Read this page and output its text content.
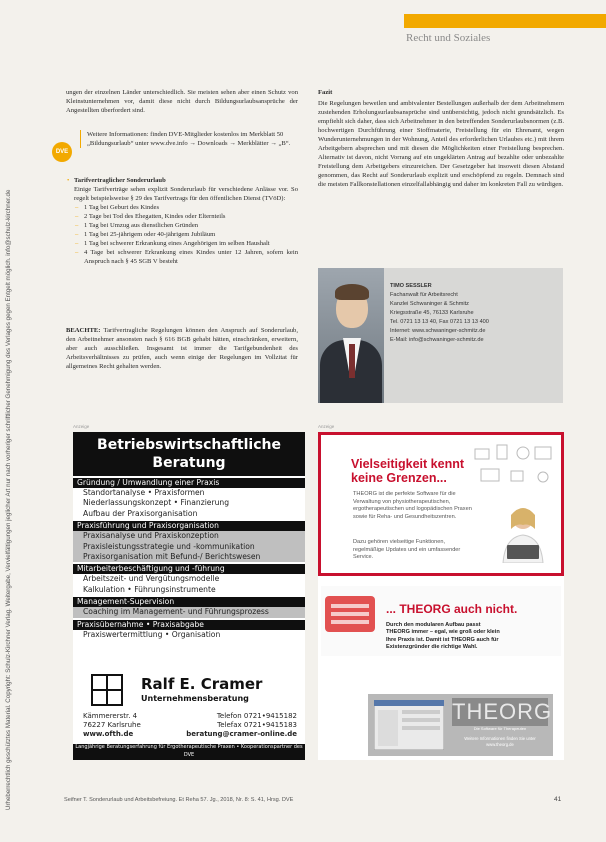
Urheberrechtlich geschütztes Material. Copyright: Schulz-Kirchner Verlag. Weitergabe, Vervielfältigungen jeglicher Art nur nach vorheriger schriftlicher Genehmigung des Verlages gegen Entgelt möglich. info@schulz-kirchner.de
Recht und Soziales

ungen der einzelnen Länder unterschiedlich. Sie meisten sehen aber einen Schutz von Kleinstunternehmen vor, damit diese nicht durch Bildungsurlaubsansprüche der Angestellten überfordert sind.

DVE
Weitere Informationen: finden DVE-Mitglieder kostenlos im Merkblatt 50 „Bildungsurlaub“ unter www.dve.info → Downloads → Merkblätter → „B“.
• Tarifvertraglicher Sonderurlaub
Einige Tarifverträge sehen explizit Sonderurlaub für verschiedene Anlässe vor. So regelt beispielsweise § 29 des Tarifvertrags für den öffentlichen Dienst (TVöD):
– 1 Tag bei Geburt des Kindes
– 2 Tage bei Tod des Ehegatten, Kindes oder Elternteils
– 1 Tag bei Umzug aus dienstlichen Gründen
– 1 Tag bei 25-jährigem oder 40-jährigem Jubiläum
– 1 Tag bei schwerer Erkrankung eines Angehörigen im selben Haushalt
– 4 Tage bei schwerer Erkrankung eines Kindes unter 12 Jahren, sofern kein Anspruch nach § 45 SGB V besteht

BEACHTE: Tarifvertragliche Regelungen können den Anspruch auf Sonderurlaub, den Arbeitnehmer ansonsten nach § 616 BGB gehabt hätten, einschränken, erweitern, aber auch ausschließen. Insgesamt ist immer die Tarifgebundenheit des Arbeitsverhältnisses zu prüfen, auch wenn einige der Regelungen im Vollzitat für allgemeines Recht gehalten werden.

Fazit

Die Regelungen beweilen und ambivalenter Bestellungen außerhalb der dem Arbeitnehmern zustehenden Erholungsurlaubsansprüche sind unübersichtig, jedoch nicht grundsätzlich. Es empfiehlt sich daher, dass sich Arbeitnehmer in den betreffenden Sonderurlaubsnormen (z.B. hochwertigen Durchführung einer Stoffmaterie, Freistellung für ein Ehrenamt, wegen Wunderunternehmungen in der Wohnung, Anteil des erforderlichen Urlaubes etc.) mit ihrem Arbeitgebern absprechen und mit diesen die Möglichkeiten einer Freistellung besprechen. Alternativ ist davon, nicht Vorrang auf ein ungeklärten Antrag auf bezahlte oder unbezahlte Freistellung dem Arbeitgebers einzureichen. Der Gesetzgeber hat insoweit diesen Abstand genommen, das Recht auf Sonderurlaub explizit und erschöpfend zu regeln. Demnach sind die meisten Fallkonstellationen einzelfallabhängig und daher im konkreten Fall zu würdigen.

TIMO SESSLER
Fachanwalt für Arbeitsrecht
Kanzlei Schwaninger & Schmitz
Kriegsstraße 45, 76133 Karlsruhe
Tel. 0721 13 13 40, Fax 0721 13 13 400
Internet: www.schwaninger-schmitz.de
E-Mail: info@schwaninger-schmitz.de
Anzeige	Anzeige
Betriebswirtschaftliche Beratung
Gründung / Umwandlung einer Praxis
Standortanalyse • Praxisformen
Niederlassungskonzept • Finanzierung
Aufbau der Praxisorganisation
Praxisführung und Praxisorganisation
Praxisanalyse und Praxiskonzeption
Praxisleistungsstrategie und -kommunikation
Praxisorganisation mit Befund-/ Berichtswesen
Mitarbeiterbeschäftigung und -führung
Arbeitszeit- und Vergütungsmodelle
Kalkulation • Führungsinstrumente
Management-Supervision
Coaching im Management- und Führungsprozess
Praxisübernahme • Praxisabgabe
Praxiswertermittlung • Organisation
Ralf E. Cramer
Unternehmensberatung
Kämmererstr. 4	Telefon 0721•9415182
76227 Karlsruhe	Telefax 0721•9415183
www.ofth.de	beratung@cramer-online.de
Langjährige Beratungserfahrung für Ergotherapeutische Praxen • Kooperationspartner des DVE
Vielseitigkeit kennt keine Grenzen...
THEORG ist die perfekte Software für die Verwaltung von physiotherapeutischen, ergotherapeutischen und logopädischen Praxen sowie für Reha- und Gesundheitszentren.
Dazu gehören vielseitige Funktionen, regelmäßige Updates und ein umfassender Service.
... THEORG auch nicht.
Durch den modularen Aufbau passt THEORG immer – egal, wie groß oder klein Ihre Praxis ist. Damit ist THEORG auch für Existenzgründer die richtige Wahl.
THEORG
Die Software für Therapeuten
Weitere Informationen finden Sie unter www.theorg.de
Seifner T. Sonderurlaub und Arbeitsbefreiung. Et Reha 57. Jg., 2018, Nr. 8: S. 41, Hrsg. DVE	41
